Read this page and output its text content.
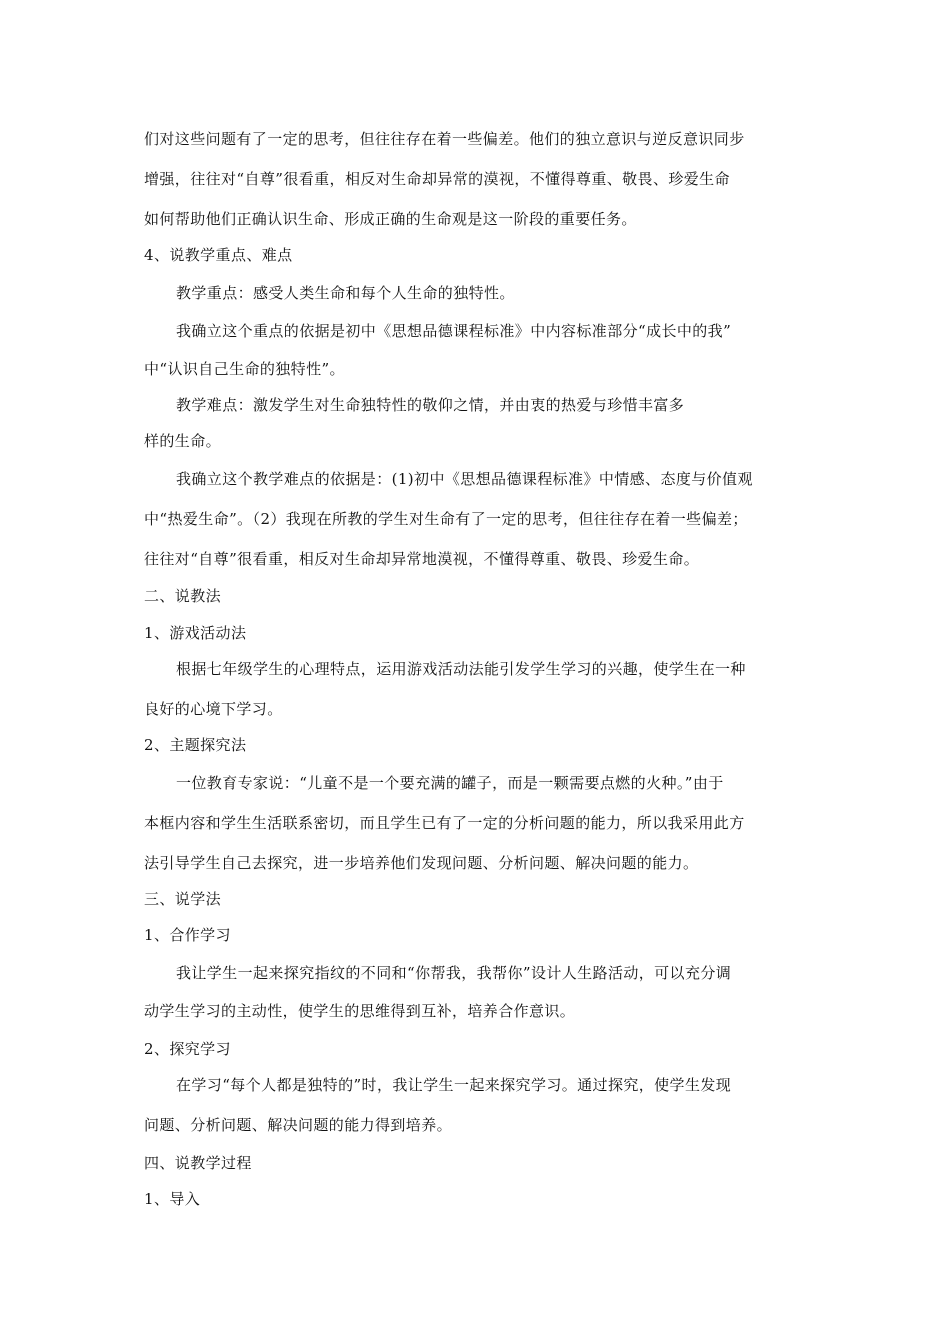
们对这些问题有了一定的思考，但往往存在着一些偏差。他们的独立意识与逆反意识同步
增强，往往对“自尊”很看重，相反对生命却异常的漠视，不懂得尊重、敬畏、珍爱生命
如何帮助他们正确认识生命、形成正确的生命观是这一阶段的重要任务。
4、说教学重点、难点
教学重点：感受人类生命和每个人生命的独特性。
我确立这个重点的依据是初中《思想品德课程标准》中内容标准部分“成长中的我”
中“认识自己生命的独特性”。
教学难点：激发学生对生命独特性的敬仰之情，并由衷的热爱与珍惜丰富多
样的生命。
我确立这个教学难点的依据是：(1)初中《思想品德课程标准》中情感、态度与价值观
中“热爱生命”。（2）我现在所教的学生对生命有了一定的思考，但往往存在着一些偏差；
往往对“自尊”很看重，相反对生命却异常地漠视，不懂得尊重、敬畏、珍爱生命。
二、说教法
1、游戏活动法
根据七年级学生的心理特点，运用游戏活动法能引发学生学习的兴趣，使学生在一种
良好的心境下学习。
2、主题探究法
一位教育专家说：“儿童不是一个要充满的罐子，而是一颗需要点燃的火种。”由于
本框内容和学生生活联系密切，而且学生已有了一定的分析问题的能力，所以我采用此方
法引导学生自己去探究，进一步培养他们发现问题、分析问题、解决问题的能力。
三、说学法
1、合作学习
我让学生一起来探究指纹的不同和“你帮我，我帮你”设计人生路活动，可以充分调
动学生学习的主动性，使学生的思维得到互补，培养合作意识。
2、探究学习
在学习“每个人都是独特的”时，我让学生一起来探究学习。通过探究，使学生发现
问题、分析问题、解决问题的能力得到培养。
四、说教学过程
1、导入
